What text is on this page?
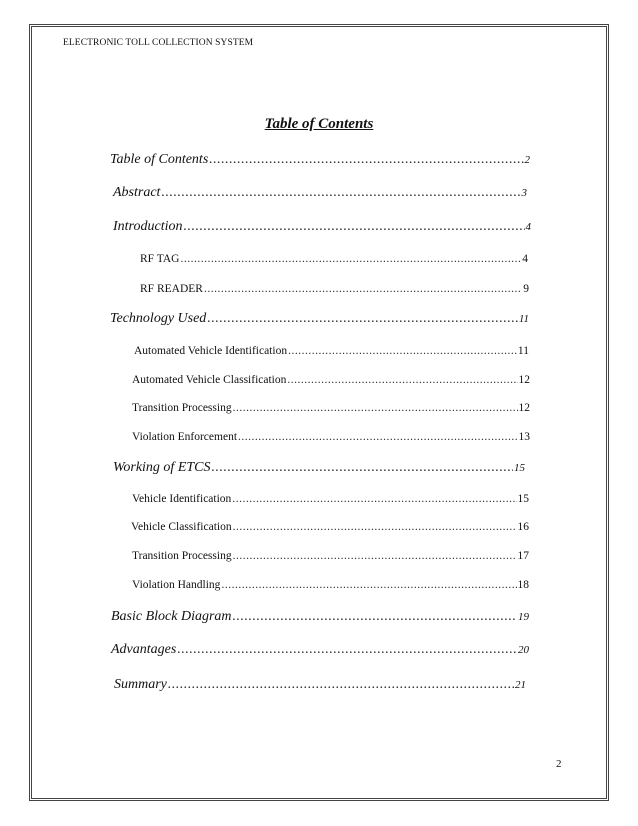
ELECTRONIC TOLL COLLECTION SYSTEM
Table of Contents
Table of Contents .....	2
Abstract .....	3
Introduction .....	4
RF TAG .....	4
RF READER .....	9
Technology Used .....	11
Automated Vehicle Identification .....	11
Automated Vehicle Classification .....	12
Transition Processing .....	12
Violation Enforcement .....	13
Working of ETCS .....	15
Vehicle Identification .....	15
Vehicle Classification .....	16
Transition Processing .....	17
Violation Handling .....	18
Basic Block Diagram .....	19
Advantages .....	20
Summary .....	21
2
